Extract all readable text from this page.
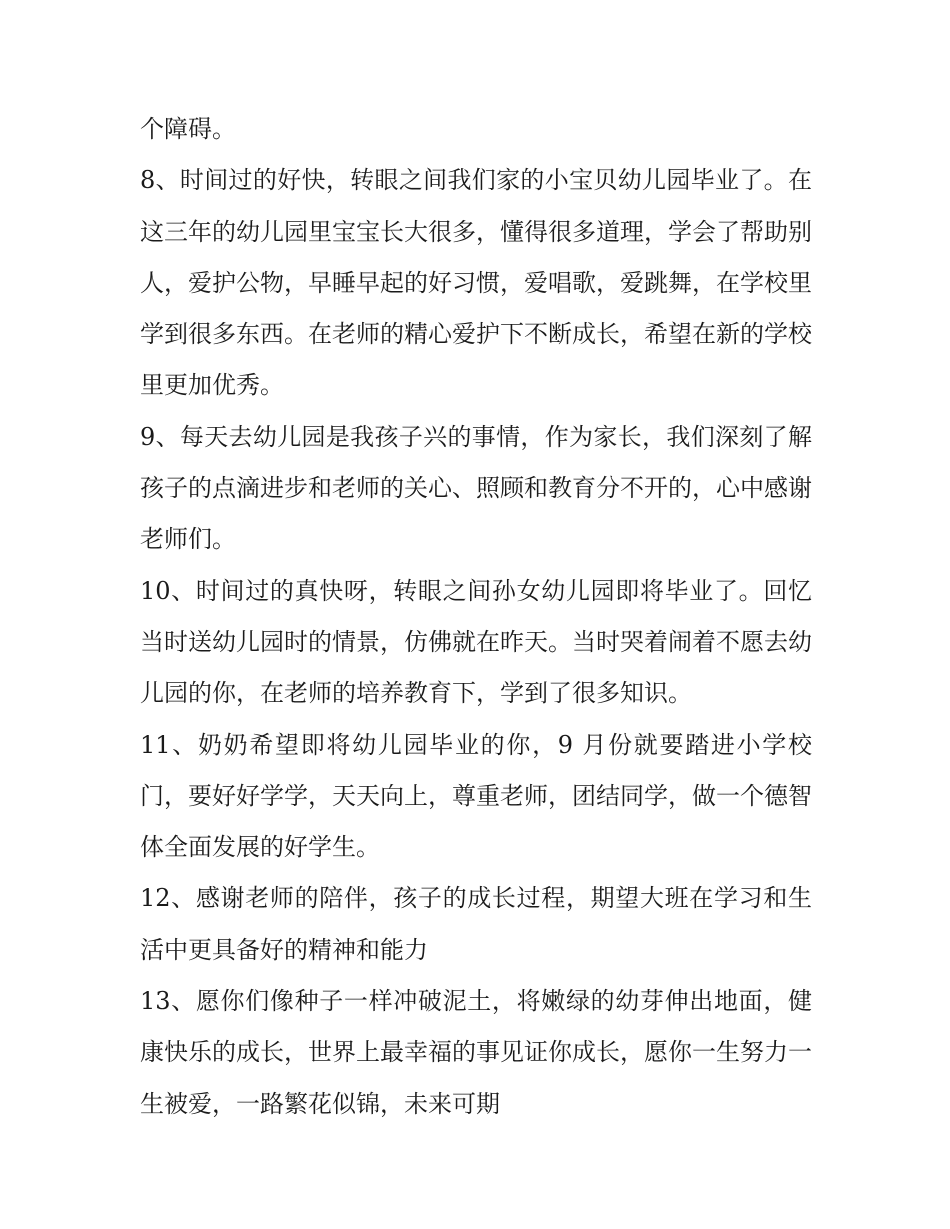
个障碍。

8、时间过的好快，转眼之间我们家的小宝贝幼儿园毕业了。在这三年的幼儿园里宝宝长大很多，懂得很多道理，学会了帮助别人，爱护公物，早睡早起的好习惯，爱唱歌，爱跳舞，在学校里学到很多东西。在老师的精心爱护下不断成长，希望在新的学校里更加优秀。

9、每天去幼儿园是我孩子兴的事情，作为家长，我们深刻了解孩子的点滴进步和老师的关心、照顾和教育分不开的，心中感谢老师们。

10、时间过的真快呀，转眼之间孙女幼儿园即将毕业了。回忆当时送幼儿园时的情景，仿佛就在昨天。当时哭着闹着不愿去幼儿园的你，在老师的培养教育下，学到了很多知识。

11、奶奶希望即将幼儿园毕业的你，9 月份就要踏进小学校门，要好好学学，天天向上，尊重老师，团结同学，做一个德智体全面发展的好学生。

12、感谢老师的陪伴，孩子的成长过程，期望大班在学习和生活中更具备好的精神和能力

13、愿你们像种子一样冲破泥土，将嫩绿的幼芽伸出地面，健康快乐的成长，世界上最幸福的事见证你成长，愿你一生努力一生被爱，一路繁花似锦，未来可期
